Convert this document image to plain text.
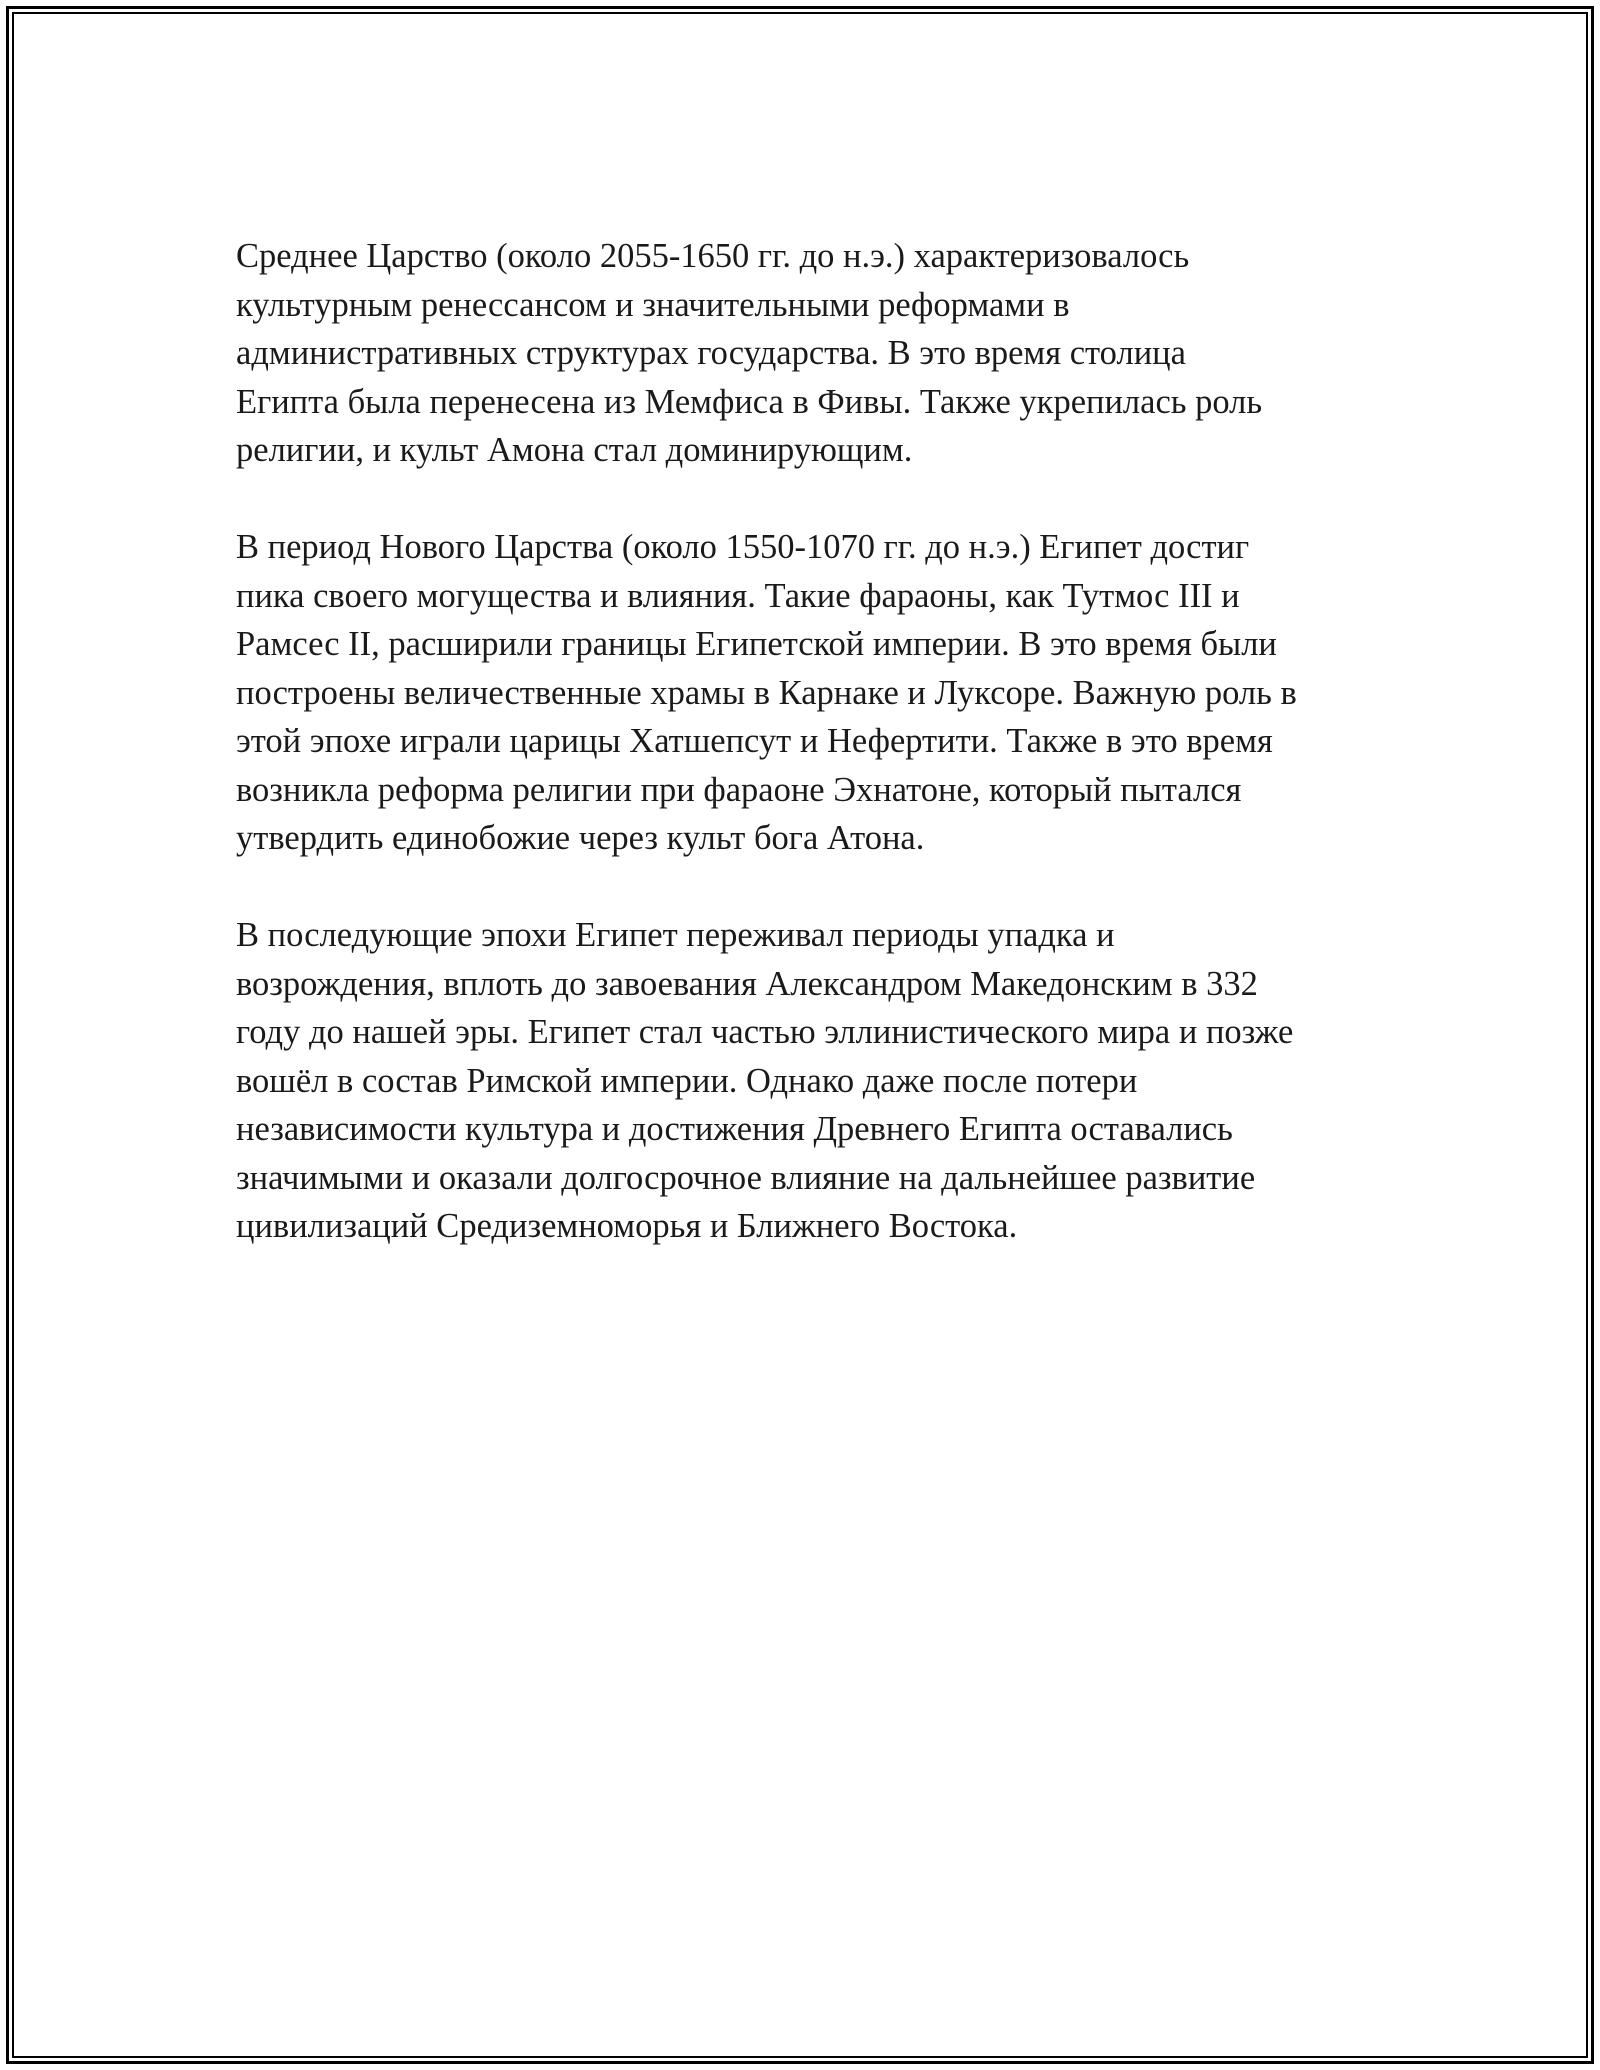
Среднее Царство (около 2055-1650 гг. до н.э.) характеризовалось
культурным ренессансом и значительными реформами в
административных структурах государства. В это время столица
Египта была перенесена из Мемфиса в Фивы. Также укрепилась роль
религии, и культ Амона стал доминирующим.

В период Нового Царства (около 1550-1070 гг. до н.э.) Египет достиг
пика своего могущества и влияния. Такие фараоны, как Тутмос III и
Рамсес II, расширили границы Египетской империи. В это время были
построены величественные храмы в Карнаке и Луксоре. Важную роль в
этой эпохе играли царицы Хатшепсут и Нефертити. Также в это время
возникла реформа религии при фараоне Эхнатоне, который пытался
утвердить единобожие через культ бога Атона.

В последующие эпохи Египет переживал периоды упадка и
возрождения, вплоть до завоевания Александром Македонским в 332
году до нашей эры. Египет стал частью эллинистического мира и позже
вошёл в состав Римской империи. Однако даже после потери
независимости культура и достижения Древнего Египта оставались
значимыми и оказали долгосрочное влияние на дальнейшее развитие
цивилизаций Средиземноморья и Ближнего Востока.
